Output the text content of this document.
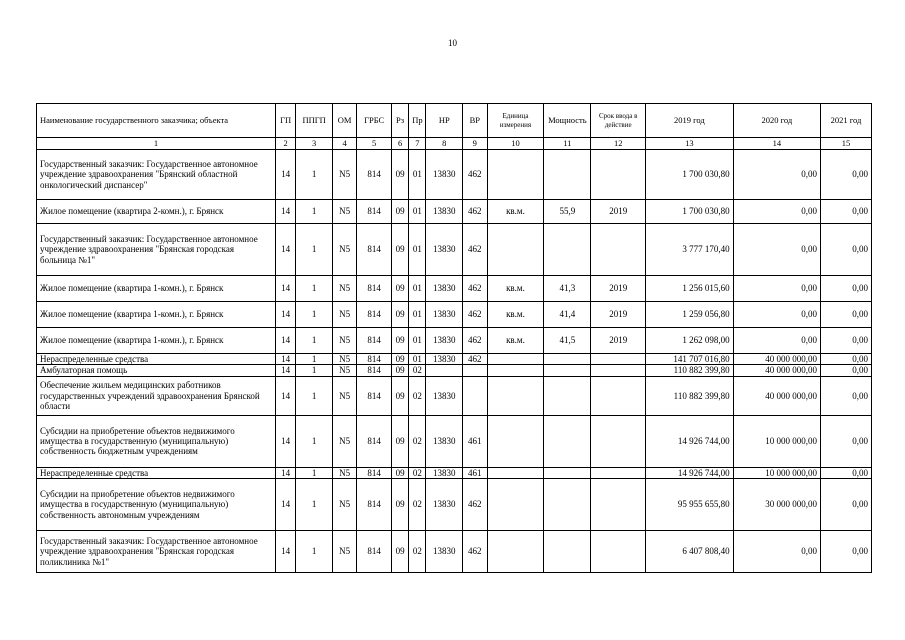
10
Наименование государственного заказчика; объекта	ГП	ППГП	ОМ	ГРБС	Рз	Пр	НР	ВР	Единица измерения	Мощность	Срок ввода в действие	2019 год	2020 год	2021 год
1	2	3	4	5	6	7	8	9	10	11	12	13	14	15
Государственный заказчик: Государственное автономное учреждение здравоохранения "Брянский областной онкологический диспансер"	14	1	N5	814	09	01	13830	462				1 700 030,80	0,00	0,00
Жилое помещение (квартира 2-комн.), г. Брянск	14	1	N5	814	09	01	13830	462	кв.м.	55,9	2019	1 700 030,80	0,00	0,00
Государственный заказчик: Государственное автономное учреждение здравоохранения "Брянская городская больница №1"	14	1	N5	814	09	01	13830	462				3 777 170,40	0,00	0,00
Жилое помещение (квартира 1-комн.), г. Брянск	14	1	N5	814	09	01	13830	462	кв.м.	41,3	2019	1 256 015,60	0,00	0,00
Жилое помещение (квартира 1-комн.), г. Брянск	14	1	N5	814	09	01	13830	462	кв.м.	41,4	2019	1 259 056,80	0,00	0,00
Жилое помещение (квартира 1-комн.), г. Брянск	14	1	N5	814	09	01	13830	462	кв.м.	41,5	2019	1 262 098,00	0,00	0,00
Нераспределенные средства	14	1	N5	814	09	01	13830	462				141 707 016,80	40 000 000,00	0,00
Амбулаторная помощь	14	1	N5	814	09	02						110 882 399,80	40 000 000,00	0,00
Обеспечение жильем медицинских работников государственных учреждений здравоохранения Брянской области	14	1	N5	814	09	02	13830					110 882 399,80	40 000 000,00	0,00
Субсидии на приобретение объектов недвижимого имущества в государственную (муниципальную) собственность бюджетным учреждениям	14	1	N5	814	09	02	13830	461				14 926 744,00	10 000 000,00	0,00
Нераспределенные средства	14	1	N5	814	09	02	13830	461				14 926 744,00	10 000 000,00	0,00
Субсидии на приобретение объектов недвижимого имущества в государственную (муниципальную) собственность автономным учреждениям	14	1	N5	814	09	02	13830	462				95 955 655,80	30 000 000,00	0,00
Государственный заказчик: Государственное автономное учреждение здравоохранения "Брянская городская поликлиника №1"	14	1	N5	814	09	02	13830	462				6 407 808,40	0,00	0,00
